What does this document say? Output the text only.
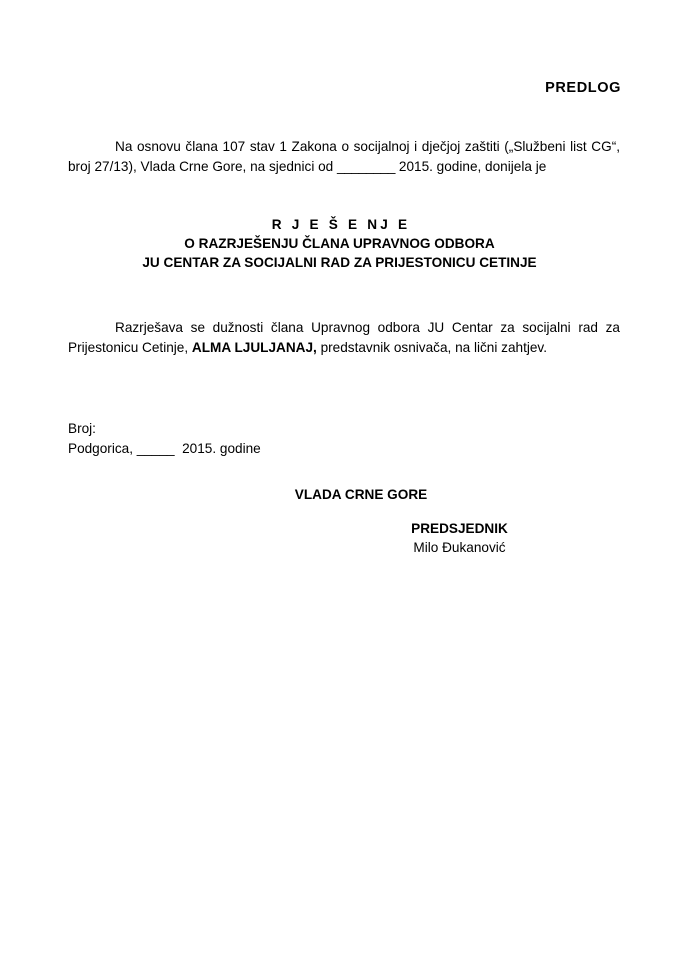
PREDLOG

Na osnovu člana 107 stav 1 Zakona o socijalnoj i dječjoj zaštiti („Službeni list CG“, broj 27/13), Vlada Crne Gore, na sjednici od ________ 2015. godine, donijela je

R J E Š E NJ E
O RAZRJEŠENJU ČLANA UPRAVNOG ODBORA
JU CENTAR ZA SOCIJALNI RAD ZA PRIJESTONICU CETINJE

Razrješava se dužnosti člana Upravnog odbora JU Centar za socijalni rad za Prijestonicu Cetinje, ALMA LJULJANAJ, predstavnik osnivača, na lični zahtjev.

Broj:
Podgorica, _____  2015. godine
VLADA CRNE GORE
PREDSJEDNIK
Milo Đukanović
